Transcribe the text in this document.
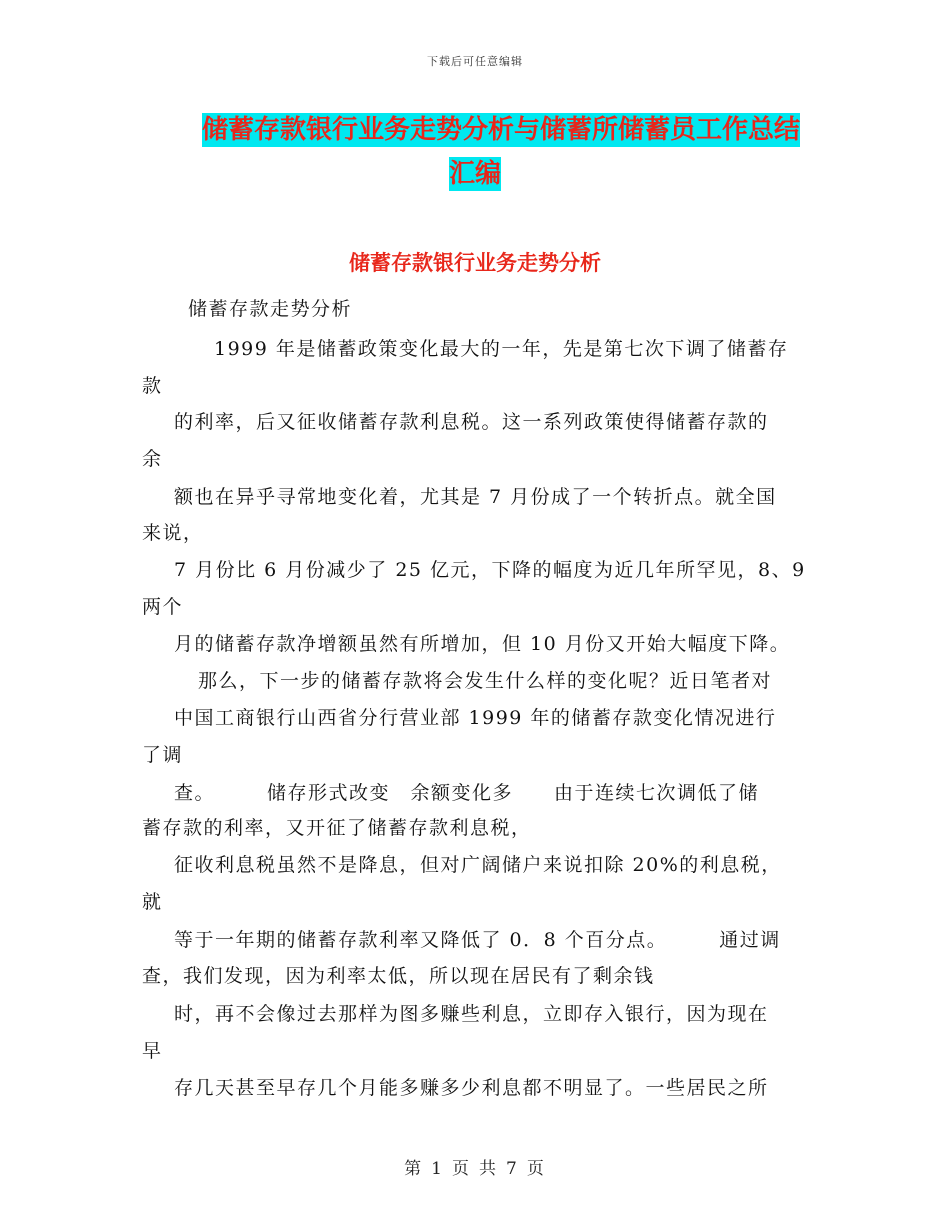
下载后可任意编辑
储蓄存款银行业务走势分析与储蓄所储蓄员工作总结
汇编
储蓄存款银行业务走势分析
储蓄存款走势分析
1999 年是储蓄政策变化最大的一年，先是第七次下调了储蓄存
款
的利率，后又征收储蓄存款利息税。这一系列政策使得储蓄存款的
余
额也在异乎寻常地变化着，尤其是 7 月份成了一个转折点。就全国
来说，
7 月份比 6 月份减少了 25 亿元，下降的幅度为近几年所罕见，8、9
两个
月的储蓄存款净增额虽然有所增加，但 10 月份又开始大幅度下降。
那么，下一步的储蓄存款将会发生什么样的变化呢？近日笔者对
中国工商银行山西省分行营业部 1999 年的储蓄存款变化情况进行
了调
查。　　　储存形式改变　余额变化多　　由于连续七次调低了储
蓄存款的利率，又开征了储蓄存款利息税，
征收利息税虽然不是降息，但对广阔储户来说扣除 20%的利息税，
就
等于一年期的储蓄存款利率又降低了 0．8 个百分点。　　　通过调
查，我们发现，因为利率太低，所以现在居民有了剩余钱
时，再不会像过去那样为图多赚些利息，立即存入银行，因为现在
早
存几天甚至早存几个月能多赚多少利息都不明显了。一些居民之所
第 1 页 共 7 页
